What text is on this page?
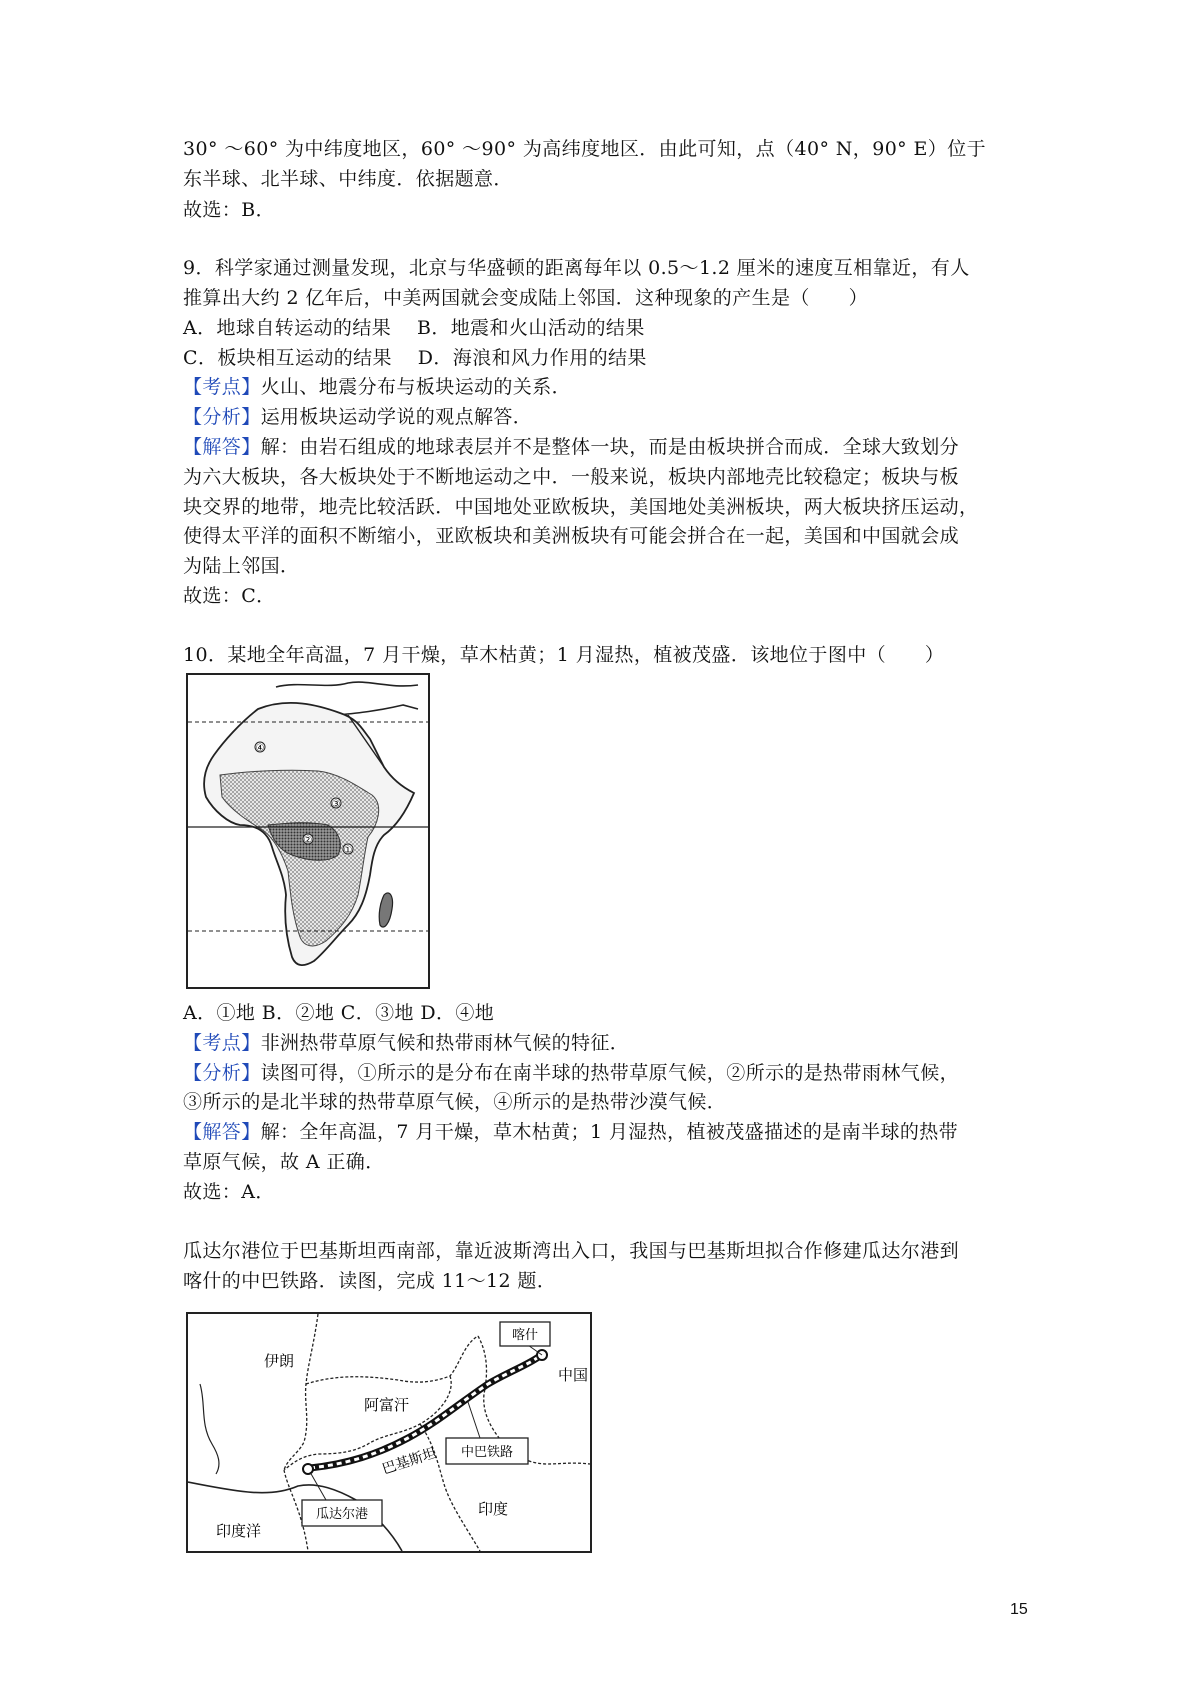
30° ～60° 为中纬度地区，60° ～90° 为高纬度地区．由此可知，点（40° N，90° E）位于
东半球、北半球、中纬度．依据题意．
故选：B．
9．科学家通过测量发现，北京与华盛顿的距离每年以 0.5～1.2 厘米的速度互相靠近，有人
推算出大约 2 亿年后，中美两国就会变成陆上邻国．这种现象的产生是（　　）
A．地球自转运动的结果　 B．地震和火山活动的结果
C．板块相互运动的结果　 D．海浪和风力作用的结果
【考点】火山、地震分布与板块运动的关系．
【分析】运用板块运动学说的观点解答．
【解答】解：由岩石组成的地球表层并不是整体一块，而是由板块拼合而成．全球大致划分
为六大板块，各大板块处于不断地运动之中．一般来说，板块内部地壳比较稳定；板块与板
块交界的地带，地壳比较活跃．中国地处亚欧板块，美国地处美洲板块，两大板块挤压运动，
使得太平洋的面积不断缩小，亚欧板块和美洲板块有可能会拼合在一起，美国和中国就会成
为陆上邻国．
故选：C．
10．某地全年高温，7 月干燥，草木枯黄；1 月湿热，植被茂盛．该地位于图中（　　）
①
②
③
④
A．①地 B．②地 C．③地 D．④地
【考点】非洲热带草原气候和热带雨林气候的特征．
【分析】读图可得，①所示的是分布在南半球的热带草原气候，②所示的是热带雨林气候，
③所示的是北半球的热带草原气候，④所示的是热带沙漠气候．
【解答】解：全年高温，7 月干燥，草木枯黄；1 月湿热，植被茂盛描述的是南半球的热带
草原气候，故 A 正确．
故选：A．
瓜达尔港位于巴基斯坦西南部，靠近波斯湾出入口，我国与巴基斯坦拟合作修建瓜达尔港到
喀什的中巴铁路．读图，完成 11～12 题．
伊朗
阿富汗
中国
巴基斯坦
印度
印度洋
喀什
中巴铁路
瓜达尔港
15
